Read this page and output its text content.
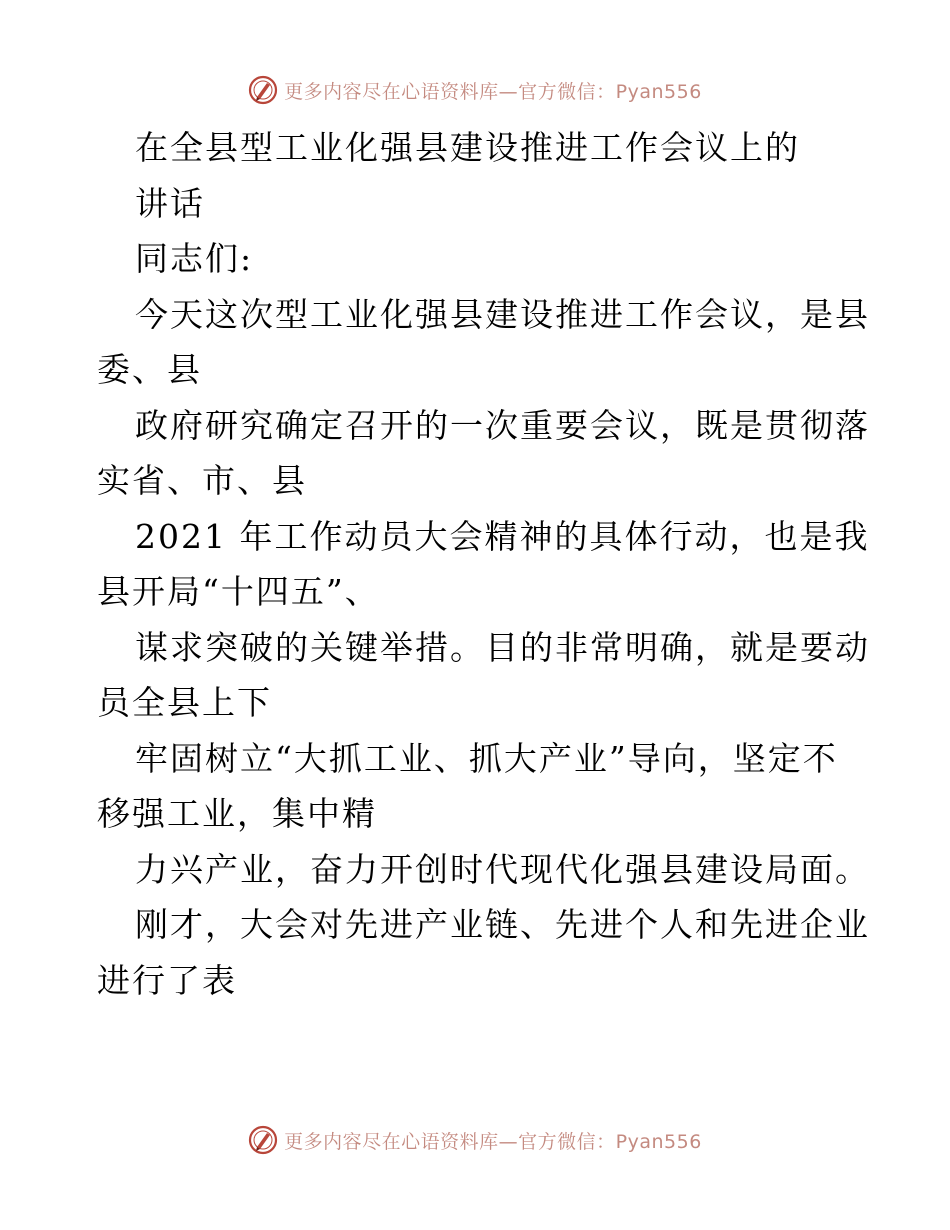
更多内容尽在心语资料库—官方微信：Pyan556
在全县型工业化强县建设推进工作会议上的
讲话
同志们:
今天这次型工业化强县建设推进工作会议，是县
委、县
政府研究确定召开的一次重要会议，既是贯彻落
实省、市、县
2021 年工作动员大会精神的具体行动，也是我
县开局“十四五”、
谋求突破的关键举措。目的非常明确，就是要动
员全县上下
牢固树立“大抓工业、抓大产业”导向，坚定不
移强工业，集中精
力兴产业，奋力开创时代现代化强县建设局面。
刚才，大会对先进产业链、先进个人和先进企业
进行了表
更多内容尽在心语资料库—官方微信：Pyan556
